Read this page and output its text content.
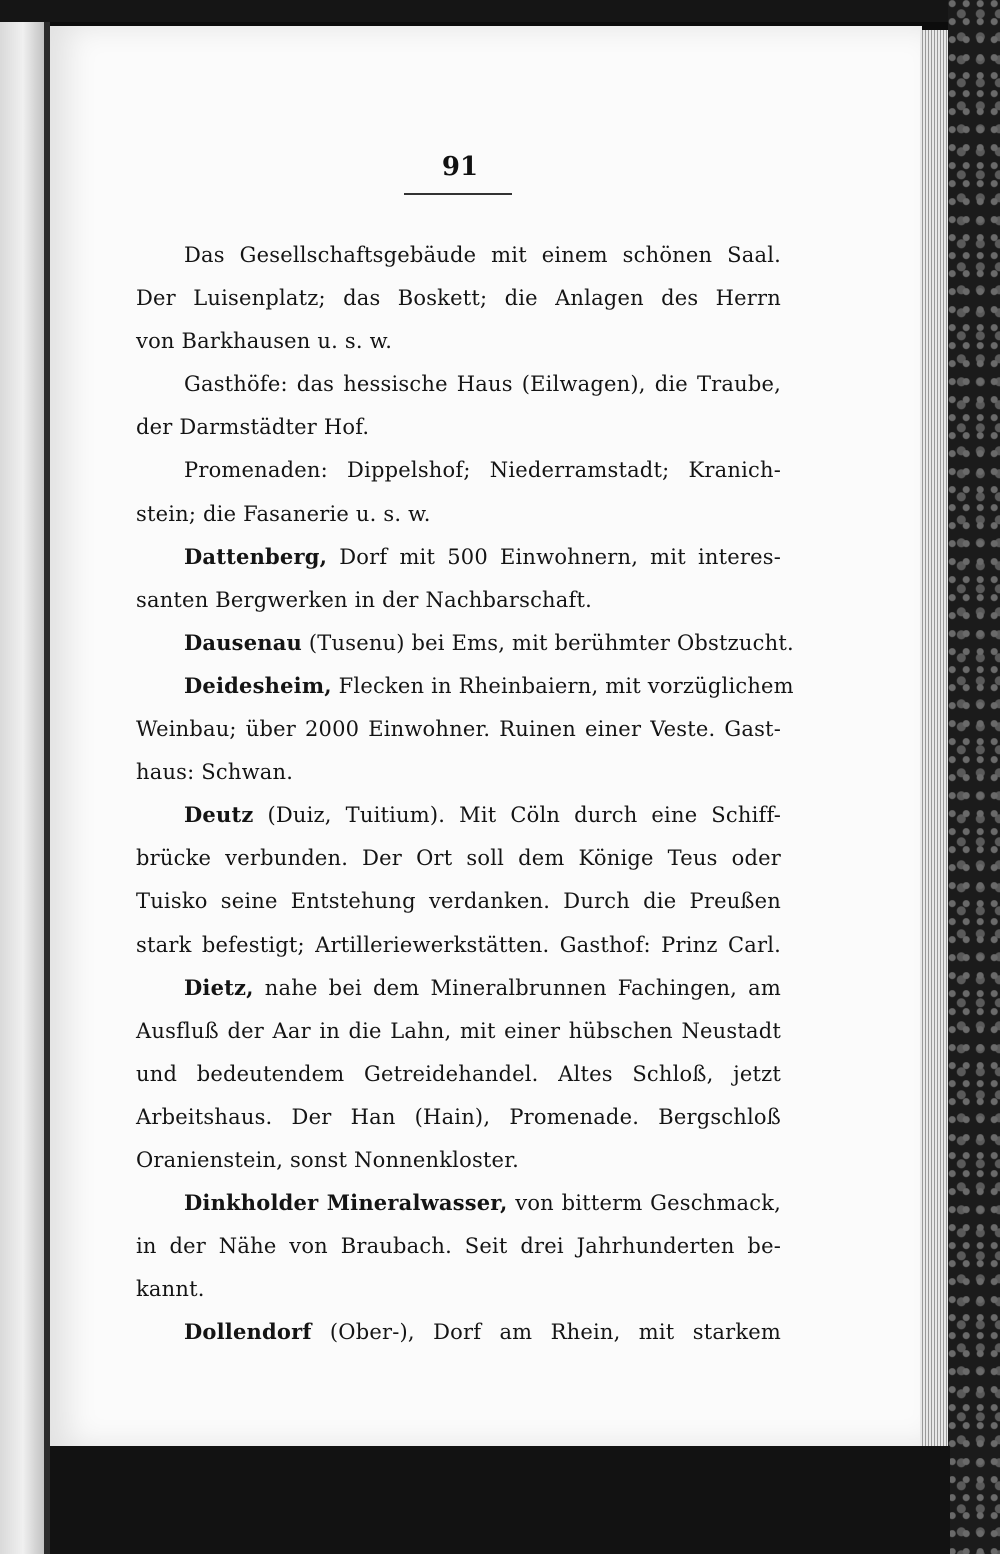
91
Das Gesellschaftsgebäude mit einem schönen Saal.
Der Luisenplatz; das Boskett; die Anlagen des Herrn
von Barkhausen u. s. w.
Gasthöfe: das hessische Haus (Eilwagen), die Traube,
der Darmstädter Hof.
Promenaden: Dippelshof; Niederramstadt; Kranich-
stein; die Fasanerie u. s. w.
Dattenberg, Dorf mit 500 Einwohnern, mit interes-
santen Bergwerken in der Nachbarschaft.
Dausenau (Tusenu) bei Ems, mit berühmter Obstzucht.
Deidesheim, Flecken in Rheinbaiern, mit vorzüglichem
Weinbau; über 2000 Einwohner. Ruinen einer Veste. Gast-
haus: Schwan.
Deutz (Duiz, Tuitium). Mit Cöln durch eine Schiff-
brücke verbunden. Der Ort soll dem Könige Teus oder
Tuisko seine Entstehung verdanken. Durch die Preußen
stark befestigt; Artilleriewerkstätten. Gasthof: Prinz Carl.
Dietz, nahe bei dem Mineralbrunnen Fachingen, am
Ausfluß der Aar in die Lahn, mit einer hübschen Neustadt
und bedeutendem Getreidehandel. Altes Schloß, jetzt
Arbeitshaus. Der Han (Hain), Promenade. Bergschloß
Oranienstein, sonst Nonnenkloster.
Dinkholder Mineralwasser, von bitterm Geschmack,
in der Nähe von Braubach. Seit drei Jahrhunderten be-
kannt.
Dollendorf (Ober-), Dorf am Rhein, mit starkem
